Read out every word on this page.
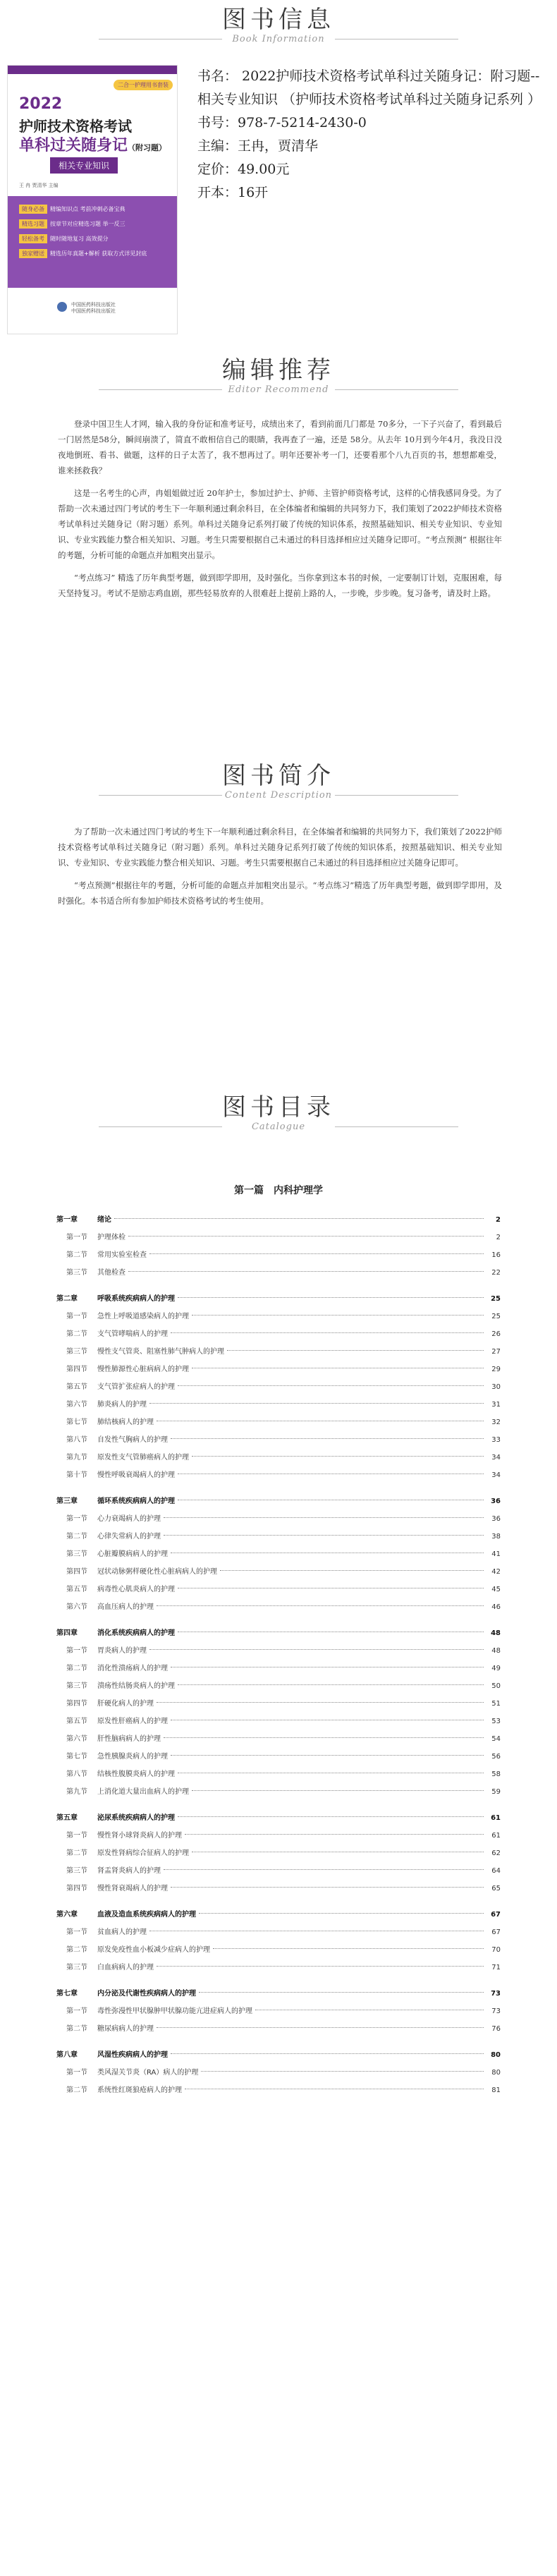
图书信息
Book Information
二合一护理用书套装
2022
护师技术资格考试
单科过关随身记（附习题）
相关专业知识
王 冉 贾清华 主编
随身必备 精编知识点 考前冲刺必备宝典
精选习题 按章节对应精选习题 举一反三
轻松备考 随时随地复习 高效提分
独家赠送 精选历年真题+解析 获取方式详见封底
中国医药科技出版社
中国医药科技出版社
书名： 2022护师技术资格考试单科过关随身记：附习题--相关专业知识 （护师技术资格考试单科过关随身记系列 ）
书号：978-7-5214-2430-0
主编：王冉，贾清华
定价：49.00元
开本：16开
编辑推荐
Editor Recommend

登录中国卫生人才网，输入我的身份证和准考证号，成绩出来了，看到前面几门都是 70多分，一下子兴奋了，看到最后一门居然是58分，瞬间崩溃了，简直不敢相信自己的眼睛，我再查了一遍，还是 58分。从去年 10月到今年4月，我没日没夜地倒班、看书、做题，这样的日子太苦了，我不想再过了。明年还要补考一门，还要看那个八九百页的书，想想都难受，谁来拯救我？

这是一名考生的心声，冉姐姐做过近 20年护士，参加过护士、护师、主管护师资格考试，这样的心情我感同身受。为了帮助一次未通过四门考试的考生下一年顺利通过剩余科目，在全体编者和编辑的共同努力下，我们策划了2022护师技术资格考试单科过关随身记（附习题）系列。单科过关随身记系列打破了传统的知识体系，按照基础知识、相关专业知识、专业知识、专业实践能力整合相关知识、习题。考生只需要根据自己未通过的科目选择相应过关随身记即可。“考点预测” 根据往年的考题，分析可能的命题点并加粗突出显示。

“考点练习” 精选了历年典型考题，做到即学即用，及时强化。当你拿到这本书的时候，一定要制订计划，克服困难，每天坚持复习。考试不是励志鸡血剧，那些轻易放弃的人很难赶上提前上路的人，一步晚，步步晚。复习备考，请及时上路。

图书简介
Content Description

为了帮助一次未通过四门考试的考生下一年顺利通过剩余科目，在全体编者和编辑的共同努力下，我们策划了2022护师技术资格考试单科过关随身记（附习题）系列。单科过关随身记系列打破了传统的知识体系，按照基础知识、相关专业知识、专业知识、专业实践能力整合相关知识、习题。考生只需要根据自己未通过的科目选择相应过关随身记即可。

“考点预测”根据往年的考题，分析可能的命题点并加粗突出显示。“考点练习”精选了历年典型考题，做到即学即用，及时强化。本书适合所有参加护师技术资格考试的考生使用。

图书目录
Catalogue
第一篇　内科护理学
第一章	绪论	2
第一节	护理体检	2
第二节	常用实验室检查	16
第三节	其他检查	22
第二章	呼吸系统疾病病人的护理	25
第一节	急性上呼吸道感染病人的护理	25
第二节	支气管哮喘病人的护理	26
第三节	慢性支气管炎、阻塞性肺气肿病人的护理	27
第四节	慢性肺源性心脏病病人的护理	29
第五节	支气管扩张症病人的护理	30
第六节	肺炎病人的护理	31
第七节	肺结核病人的护理	32
第八节	自发性气胸病人的护理	33
第九节	原发性支气管肺癌病人的护理	34
第十节	慢性呼吸衰竭病人的护理	34
第三章	循环系统疾病病人的护理	36
第一节	心力衰竭病人的护理	36
第二节	心律失常病人的护理	38
第三节	心脏瓣膜病病人的护理	41
第四节	冠状动脉粥样硬化性心脏病病人的护理	42
第五节	病毒性心肌炎病人的护理	45
第六节	高血压病人的护理	46
第四章	消化系统疾病病人的护理	48
第一节	胃炎病人的护理	48
第二节	消化性溃疡病人的护理	49
第三节	溃疡性结肠炎病人的护理	50
第四节	肝硬化病人的护理	51
第五节	原发性肝癌病人的护理	53
第六节	肝性脑病病人的护理	54
第七节	急性胰腺炎病人的护理	56
第八节	结核性腹膜炎病人的护理	58
第九节	上消化道大量出血病人的护理	59
第五章	泌尿系统疾病病人的护理	61
第一节	慢性肾小球肾炎病人的护理	61
第二节	原发性肾病综合征病人的护理	62
第三节	肾盂肾炎病人的护理	64
第四节	慢性肾衰竭病人的护理	65
第六章	血液及造血系统疾病病人的护理	67
第一节	贫血病人的护理	67
第二节	原发免疫性血小板减少症病人的护理	70
第三节	白血病病人的护理	71
第七章	内分泌及代谢性疾病病人的护理	73
第一节	毒性弥漫性甲状腺肿甲状腺功能亢进症病人的护理	73
第二节	糖尿病病人的护理	76
第八章	风湿性疾病病人的护理	80
第一节	类风湿关节炎（RA）病人的护理	80
第二节	系统性红斑狼疮病人的护理	81
